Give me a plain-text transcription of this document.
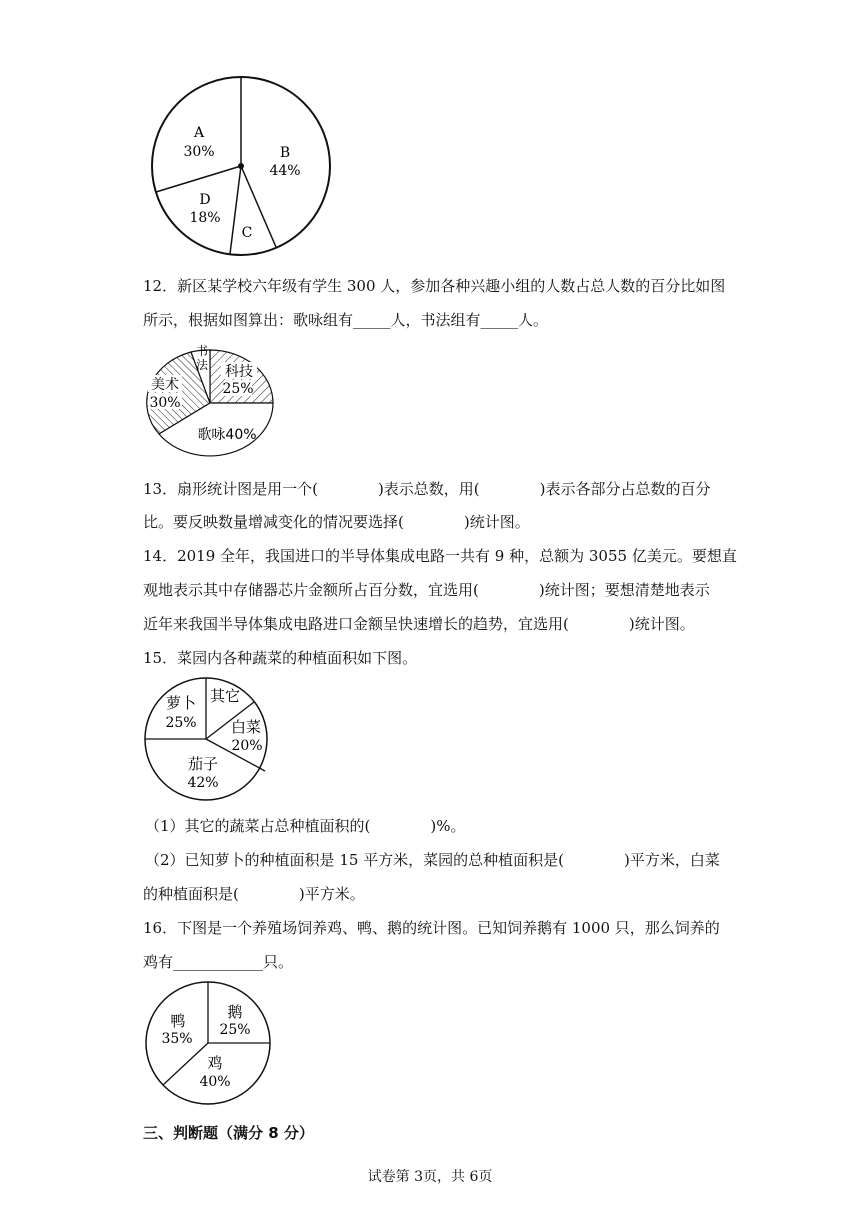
A
30%	B
44%
D
18%
C
12．新区某学校六年级有学生 300 人，参加各种兴趣小组的人数占总人数的百分比如图
所示，根据如图算出：歌咏组有_____人，书法组有_____人。
书
法 科技
25%
美术
30%
歌咏40%
13．扇形统计图是用一个(　　　　)表示总数，用(　　　　)表示各部分占总数的百分
比。要反映数量增减变化的情况要选择(　　　　)统计图。
14．2019 全年，我国进口的半导体集成电路一共有 9 种，总额为 3055 亿美元。要想直
观地表示其中存储器芯片金额所占百分数，宜选用(　　　　)统计图；要想清楚地表示
近年来我国半导体集成电路进口金额呈快速增长的趋势，宜选用(　　　　)统计图。
15．菜园内各种蔬菜的种植面积如下图。
萝卜
25%
其它
白菜
20%
茄子
42%
（1）其它的蔬菜占总种植面积的(　　　　)%。
（2）已知萝卜的种植面积是 15 平方米，菜园的总种植面积是(　　　　)平方米，白菜
的种植面积是(　　　　)平方米。
16．下图是一个养殖场饲养鸡、鸭、鹅的统计图。已知饲养鹅有 1000 只，那么饲养的
鸡有____________只。
鸭
35%
鹅
25%
鸡
40%
三、判断题（满分 8 分）
试卷第 3页，共 6页
